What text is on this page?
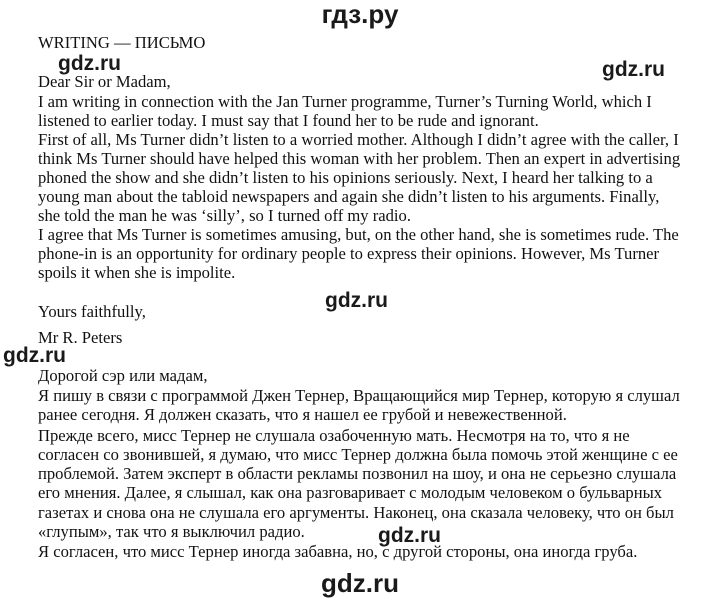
гдз.ру
gdz.ru	gdz.ru
gdz.ru
gdz.ru
gdz.ru
gdz.ru
WRITING — ПИСЬМО
Dear Sir or Madam,
I am writing in connection with the Jan Turner programme, Turner’s Turning World, which I
listened to earlier today. I must say that I found her to be rude and ignorant.
First of all, Ms Turner didn’t listen to a worried mother. Although I didn’t agree with the caller, I
think Ms Turner should have helped this woman with her problem. Then an expert in advertising
phoned the show and she didn’t listen to his opinions seriously. Next, I heard her talking to a
young man about the tabloid newspapers and again she didn’t listen to his arguments. Finally,
she told the man he was ‘silly’, so I turned off my radio.
I agree that Ms Turner is sometimes amusing, but, on the other hand, she is sometimes rude. The
phone-in is an opportunity for ordinary people to express their opinions. However, Ms Turner
spoils it when she is impolite.
Yours faithfully,
Mr R. Peters
Дорогой сэр или мадам,
Я пишу в связи с программой Джен Тернер, Вращающийся мир Тернер, которую я слушал
ранее сегодня. Я должен сказать, что я нашел ее грубой и невежественной.
Прежде всего, мисс Тернер не слушала озабоченную мать. Несмотря на то, что я не
согласен со звонившей, я думаю, что мисс Тернер должна была помочь этой женщине с ее
проблемой. Затем эксперт в области рекламы позвонил на шоу, и она не серьезно слушала
его мнения. Далее, я слышал, как она разговаривает с молодым человеком о бульварных
газетах и снова она не слушала его аргументы. Наконец, она сказала человеку, что он был
«глупым», так что я выключил радио.
Я согласен, что мисс Тернер иногда забавна, но, с другой стороны, она иногда груба.
